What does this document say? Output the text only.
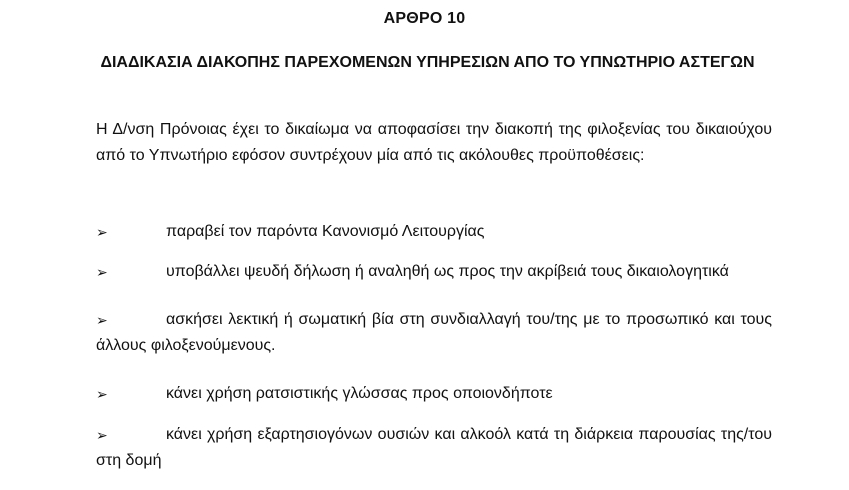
ΑΡΘΡΟ 10
ΔΙΑΔΙΚΑΣΙΑ ΔΙΑΚΟΠΗΣ ΠΑΡΕΧΟΜΕΝΩΝ ΥΠΗΡΕΣΙΩΝ ΑΠΟ ΤΟ ΥΠΝΩΤΗΡΙΟ ΑΣΤΕΓΩΝ
Η Δ/νση Πρόνοιας έχει το δικαίωμα να αποφασίσει την διακοπή της φιλοξενίας του δικαιούχου από το Υπνωτήριο εφόσον συντρέχουν μία από τις ακόλουθες προϋποθέσεις:
➢	παραβεί τον παρόντα Κανονισμό Λειτουργίας
➢	υποβάλλει ψευδή δήλωση ή αναληθή ως προς την ακρίβειά τους δικαιολογητικά
➢	ασκήσει λεκτική ή σωματική βία στη συνδιαλλαγή του/της με το προσωπικό και τους άλλους φιλοξενούμενους.
➢	κάνει χρήση ρατσιστικής γλώσσας προς οποιονδήποτε
➢	κάνει χρήση εξαρτησιογόνων ουσιών και αλκοόλ κατά τη διάρκεια παρουσίας της/του στη δομή
